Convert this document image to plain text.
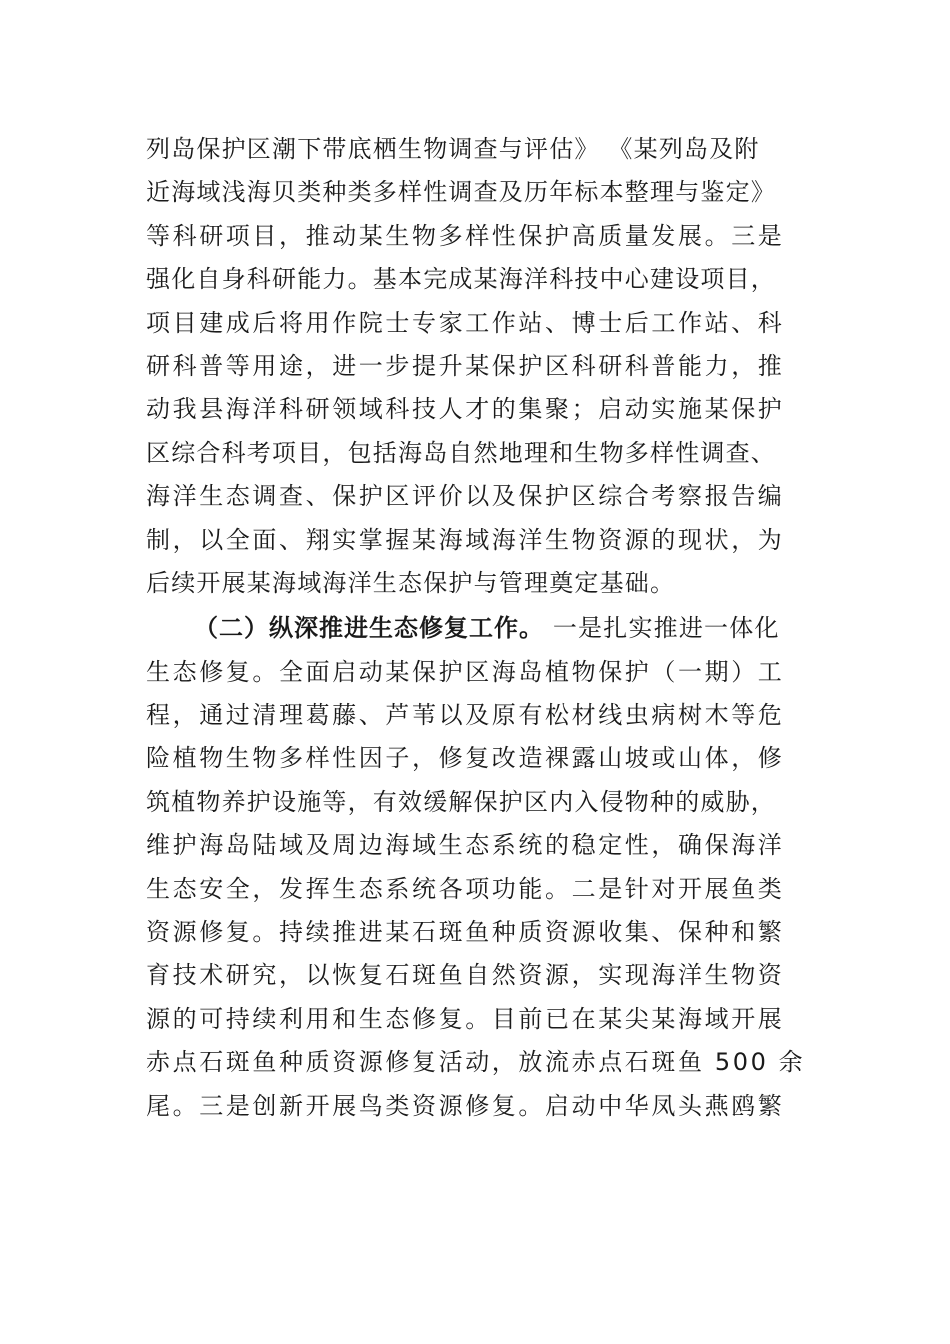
列岛保护区潮下带底栖生物调查与评估》 《某列岛及附
近海域浅海贝类种类多样性调查及历年标本整理与鉴定》
等科研项目，推动某生物多样性保护高质量发展。三是
强化自身科研能力。基本完成某海洋科技中心建设项目，
项目建成后将用作院士专家工作站、博士后工作站、科
研科普等用途，进一步提升某保护区科研科普能力，推
动我县海洋科研领域科技人才的集聚；启动实施某保护
区综合科考项目，包括海岛自然地理和生物多样性调查、
海洋生态调查、保护区评价以及保护区综合考察报告编
制，以全面、翔实掌握某海域海洋生物资源的现状，为
后续开展某海域海洋生态保护与管理奠定基础。
（二）纵深推进生态修复工作。 一是扎实推进一体化
生态修复。全面启动某保护区海岛植物保护（一期）工
程，通过清理葛藤、芦苇以及原有松材线虫病树木等危
险植物生物多样性因子，修复改造裸露山坡或山体，修
筑植物养护设施等，有效缓解保护区内入侵物种的威胁，
维护海岛陆域及周边海域生态系统的稳定性，确保海洋
生态安全，发挥生态系统各项功能。二是针对开展鱼类
资源修复。持续推进某石斑鱼种质资源收集、保种和繁
育技术研究，以恢复石斑鱼自然资源，实现海洋生物资
源的可持续利用和生态修复。目前已在某尖某海域开展
赤点石斑鱼种质资源修复活动，放流赤点石斑鱼 500 余
尾。三是创新开展鸟类资源修复。启动中华凤头燕鸥繁
